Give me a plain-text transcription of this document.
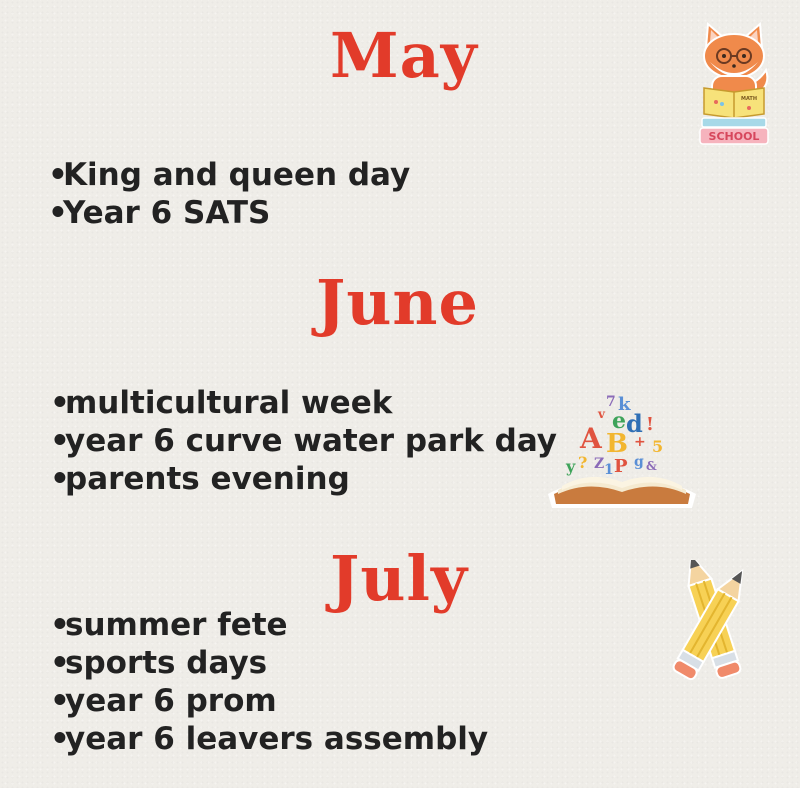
May
•King and queen day
•Year 6 SATS
June
•multicultural week
•year 6 curve water park day
•parents evening
July
•summer fete
•sports days
•year 6 prom
•year 6 leavers assembly
MATH
SCHOOL
7 k
v e d !
A B + 5
y ? Z 1 P g &
